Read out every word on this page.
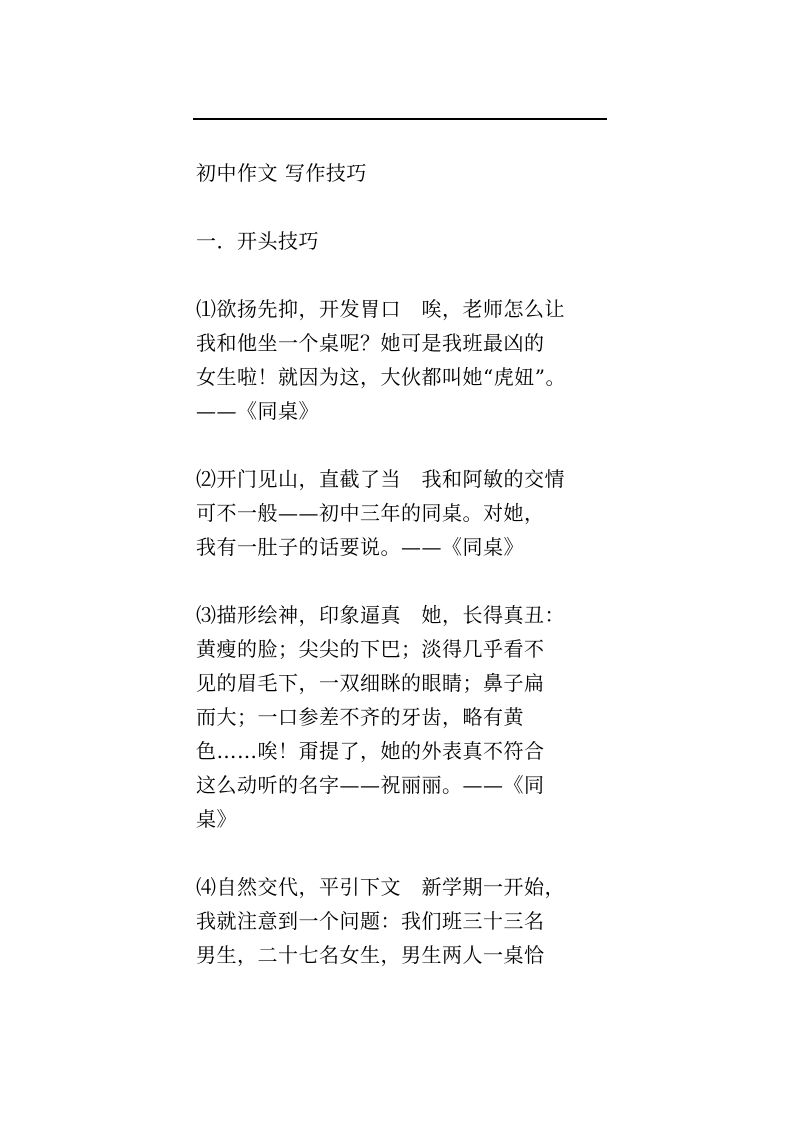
初中作文 写作技巧
一．开头技巧
⑴欲扬先抑，开发胃口　唉，老师怎么让
我和他坐一个桌呢？她可是我班最凶的
女生啦！就因为这，大伙都叫她“虎妞”。
——《同桌》
⑵开门见山，直截了当　我和阿敏的交情
可不一般——初中三年的同桌。对她，
我有一肚子的话要说。——《同桌》
⑶描形绘神，印象逼真　她，长得真丑：
黄瘦的脸；尖尖的下巴；淡得几乎看不
见的眉毛下，一双细眯的眼睛；鼻子扁
而大；一口参差不齐的牙齿，略有黄
色……唉！甭提了，她的外表真不符合
这么动听的名字——祝丽丽。——《同
桌》
⑷自然交代，平引下文　新学期一开始，
我就注意到一个问题：我们班三十三名
男生，二十七名女生，男生两人一桌恰
